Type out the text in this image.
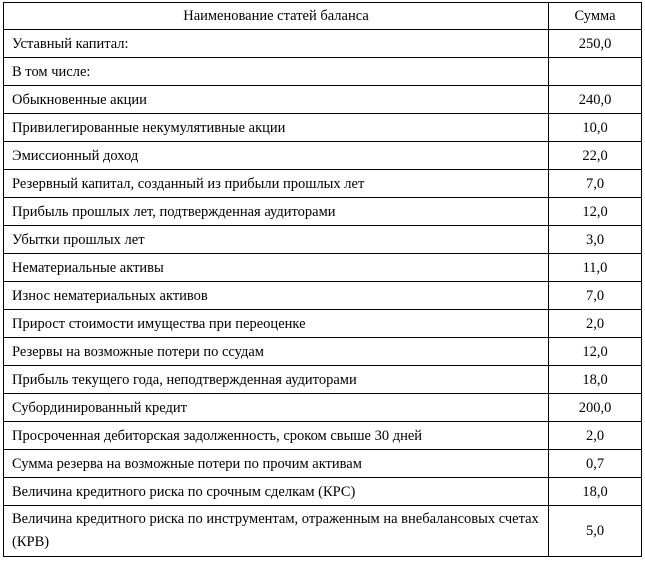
Наименование статей баланса	Сумма
Уставный капитал:	250,0
В том числе:	
Обыкновенные акции	240,0
Привилегированные некумулятивные акции	10,0
Эмиссионный доход	22,0
Резервный капитал, созданный из прибыли прошлых лет	7,0
Прибыль прошлых лет, подтвержденная аудиторами	12,0
Убытки прошлых лет	3,0
Нематериальные активы	11,0
Износ нематериальных активов	7,0
Прирост стоимости имущества при переоценке	2,0
Резервы на возможные потери по ссудам	12,0
Прибыль текущего года, неподтвержденная аудиторами	18,0
Субординированный кредит	200,0
Просроченная дебиторская задолженность, сроком свыше 30 дней	2,0
Сумма резерва на возможные потери по прочим активам	0,7
Величина кредитного риска по срочным сделкам (КРС)	18,0
Величина кредитного риска по инструментам, отраженным на внебалансовых счетах (КРВ)	5,0
